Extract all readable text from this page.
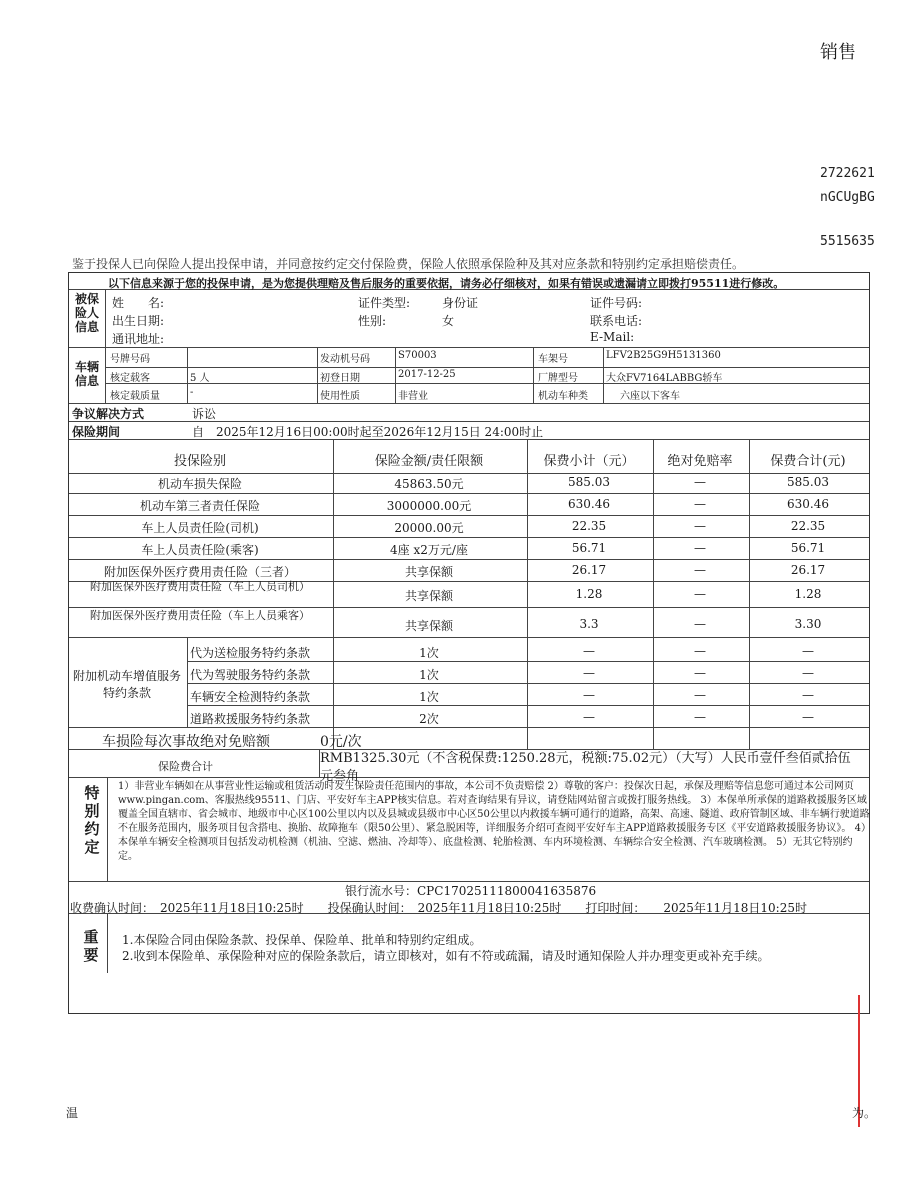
销售
2722621
nGCUgBG
5515635
鉴于投保人已向保险人提出投保申请，并同意按约定交付保险费，保险人依照承保险种及其对应条款和特别约定承担赔偿责任。
以下信息来源于您的投保申请，是为您提供理赔及售后服务的重要依据，请务必仔细核对，如果有错误或遗漏请立即拨打95511进行修改。
被保险人信息
姓　　名:	证件类型:	身份证	证件号码:
出生日期:	性别:	女	联系电话:
通讯地址:	E-Mail:
车辆信息
号牌号码	发动机号码	S70003	车架号	LFV2B25G9H5131360
核定载客	5 人	初登日期	2017-12-25	厂牌型号	大众FV7164LABBG轿车
核定载质量	-	使用性质	非营业	机动车种类	六座以下客车
争议解决方式	诉讼
保险期间	自　2025年12月16日00:00时起至2026年12月15日 24:00时止
投保险别	保险金额/责任限额	保费小计（元）	绝对免赔率	保费合计(元)
机动车损失保险	45863.50元	585.03	—	585.03
机动车第三者责任保险	3000000.00元	630.46	—	630.46
车上人员责任险(司机)	20000.00元	22.35	—	22.35
车上人员责任险(乘客)	4座 x2万元/座	56.71	—	56.71
附加医保外医疗费用责任险（三者）	共享保额	26.17	—	26.17
附加医保外医疗费用责任险（车上人员司机）
共享保额	1.28	—	1.28
附加医保外医疗费用责任险（车上人员乘客）
共享保额	3.3	—	3.30
附加机动车增值服务特约条款
代为送检服务特约条款	1次	—	—	—
代为驾驶服务特约条款	1次	—	—	—
车辆安全检测特约条款	1次	—	—	—
道路救援服务特约条款	2次	—	—	—
车损险每次事故绝对免赔额	0元/次
保险费合计
RMB1325.30元（不含税保费:1250.28元，税额:75.02元）（大写）人民币壹仟叁佰贰拾伍元叁角
特别约定
1）非营业车辆如在从事营业性运输或租赁活动时发生保险责任范围内的事故，本公司不负责赔偿 2）尊敬的客户：投保次日起，承保及理赔等信息您可通过本公司网页www.pingan.com、客服热线95511、门店、平安好车主APP核实信息。若对查询结果有异议，请登陆网站留言或拨打服务热线。 3）本保单所承保的道路救援服务区域覆盖全国直辖市、省会城市、地级市中心区100公里以内以及县城或县级市中心区50公里以内救援车辆可通行的道路，高架、高速、隧道、政府管制区域、非车辆行驶道路不在服务范围内，服务项目包含搭电、换胎、故障拖车（限50公里）、紧急脱困等，详细服务介绍可查阅平安好车主APP道路救援服务专区《平安道路救援服务协议》。 4）本保单车辆安全检测项目包括发动机检测（机油、空滤、燃油、冷却等）、底盘检测、轮胎检测、车内环境检测、车辆综合安全检测、汽车玻璃检测。 5）无其它特别约定。
银行流水号：CPC17025111800041635876
收费确认时间：　2025年11月18日10:25时　　投保确认时间：　2025年11月18日10:25时　　打印时间：　　2025年11月18日10:25时
重要
1.本保险合同由保险条款、投保单、保险单、批单和特别约定组成。
2.收到本保险单、承保险种对应的保险条款后，请立即核对，如有不符或疏漏，请及时通知保险人并办理变更或补充手续。
温	为。
